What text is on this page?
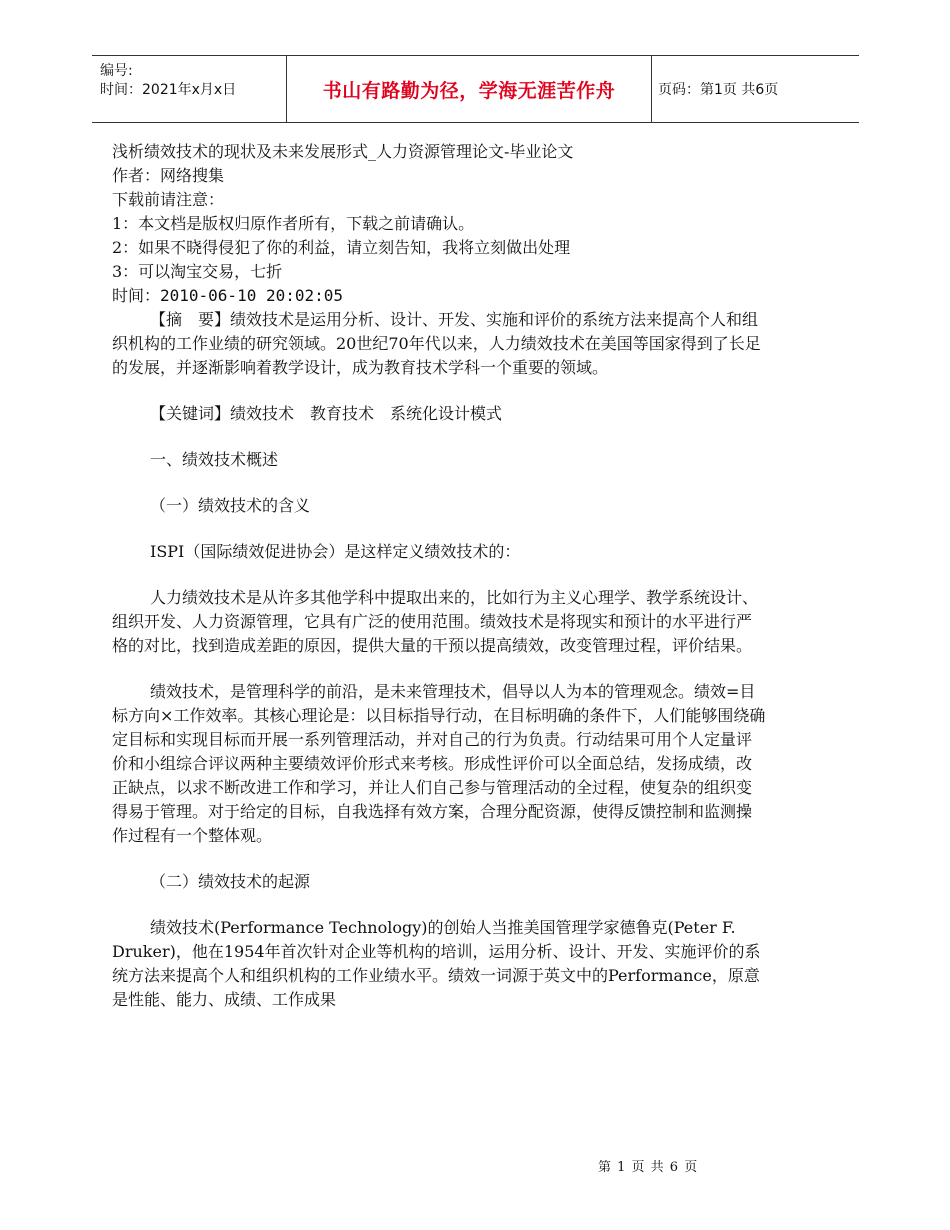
编号:
时间：2021年x月x日	书山有路勤为径，学海无涯苦作舟	页码：第1页 共6页

浅析绩效技术的现状及未来发展形式_人力资源管理论文-毕业论文

作者：网络搜集

下载前请注意：

1：本文档是版权归原作者所有，下载之前请确认。

2：如果不晓得侵犯了你的利益，请立刻告知，我将立刻做出处理

3：可以淘宝交易，七折

时间：2010-06-10 20:02:05

【摘　要】绩效技术是运用分析、设计、开发、实施和评价的系统方法来提高个人和组织机构的工作业绩的研究领域。20世纪70年代以来，人力绩效技术在美国等国家得到了长足的发展，并逐渐影响着教学设计，成为教育技术学科一个重要的领域。

【关键词】绩效技术　教育技术　系统化设计模式

一、绩效技术概述

（一）绩效技术的含义

ISPI（国际绩效促进协会）是这样定义绩效技术的：

人力绩效技术是从许多其他学科中提取出来的，比如行为主义心理学、教学系统设计、组织开发、人力资源管理，它具有广泛的使用范围。绩效技术是将现实和预计的水平进行严格的对比，找到造成差距的原因，提供大量的干预以提高绩效，改变管理过程，评价结果。

绩效技术，是管理科学的前沿，是未来管理技术，倡导以人为本的管理观念。绩效=目标方向×工作效率。其核心理论是：以目标指导行动，在目标明确的条件下，人们能够围绕确定目标和实现目标而开展一系列管理活动，并对自己的行为负责。行动结果可用个人定量评价和小组综合评议两种主要绩效评价形式来考核。形成性评价可以全面总结，发扬成绩，改正缺点，以求不断改进工作和学习，并让人们自己参与管理活动的全过程，使复杂的组织变得易于管理。对于给定的目标，自我选择有效方案，合理分配资源，使得反馈控制和监测操作过程有一个整体观。

（二）绩效技术的起源

绩效技术(Performance Technology)的创始人当推美国管理学家德鲁克(Peter F. Druker)，他在1954年首次针对企业等机构的培训，运用分析、设计、开发、实施评价的系统方法来提高个人和组织机构的工作业绩水平。绩效一词源于英文中的Performance，原意是性能、能力、成绩、工作成果

第 1 页 共 6 页
